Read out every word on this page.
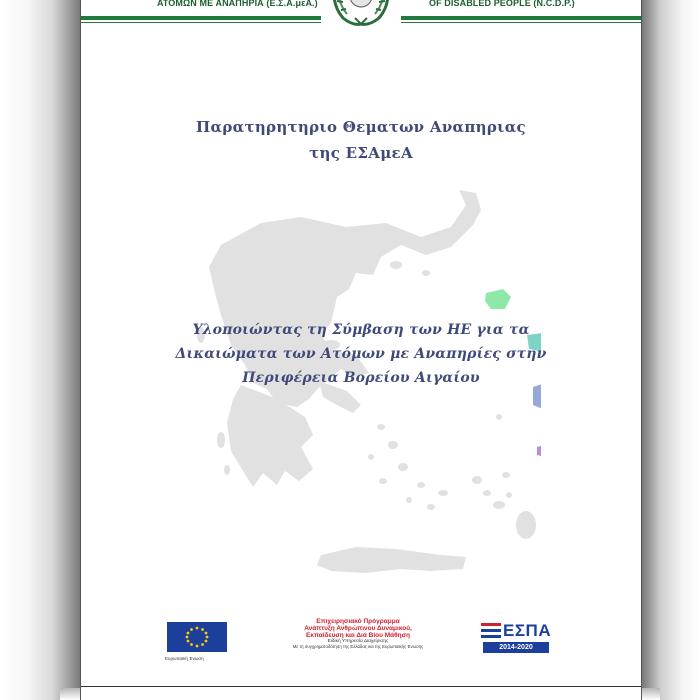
ΑΤΟΜΩΝ ΜΕ ΑΝΑΠΗΡΙΑ (Ε.Σ.Α.μεΑ.)	OF DISABLED PEOPLE (N.C.D.P.)
Παρατηρητηριο Θεματων Αναπηριας
της ΕΣΑμεΑ
Υλοποιώντας τη Σύμβαση των ΗΕ για τα
Δικαιώματα των Ατόμων με Αναπηρίες στην
Περιφέρεια Βορείου Αιγαίου
Ευρωπαϊκή Ένωση
Επιχειρησιακό Πρόγραμμα
Ανάπτυξη Ανθρώπινου Δυναμικού,
Εκπαίδευση και Διά Βίου Μάθηση
Ειδική Υπηρεσία Διαχείρισης
Με τη συγχρηματοδότηση της Ελλάδας και της Ευρωπαϊκής Ένωσης
ΕΣΠΑ
2014-2020
